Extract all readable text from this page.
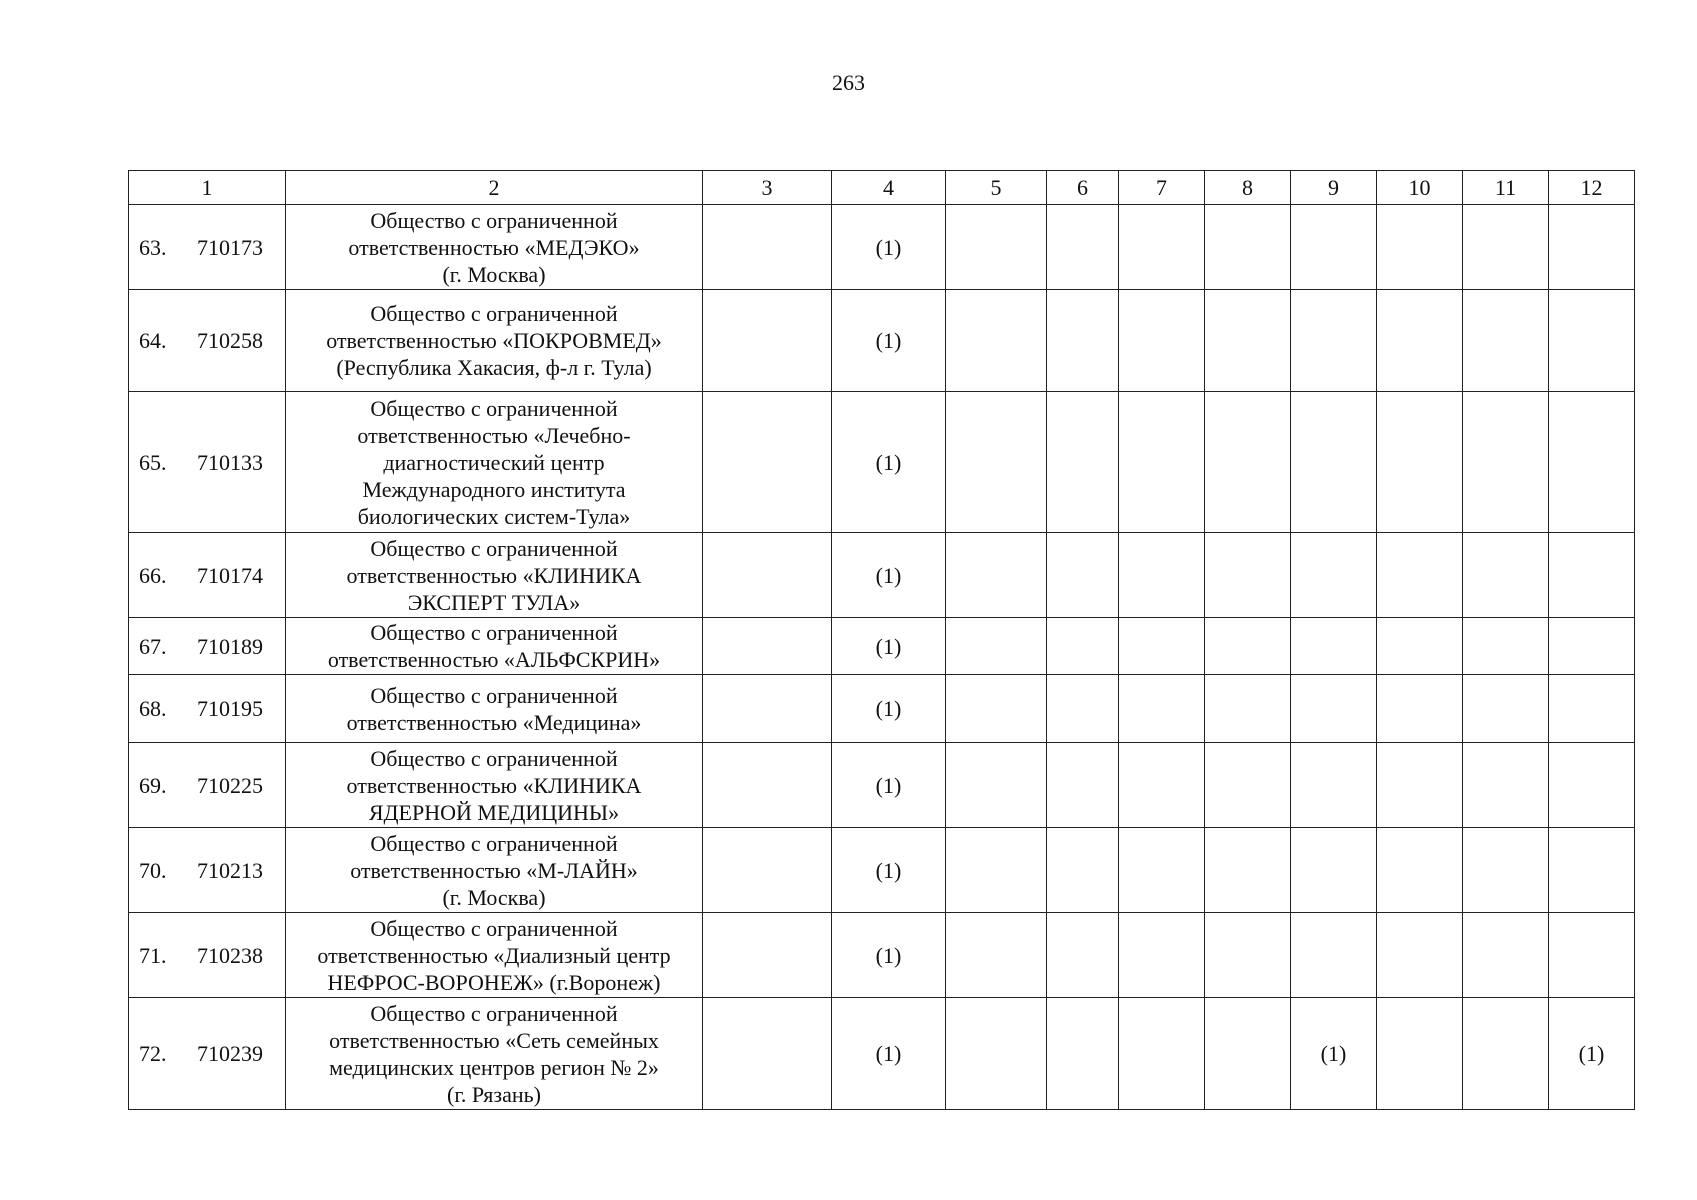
263
1	2	3	4	5	6	7	8	9	10	11	12
63. 710173	Общество с ограниченной
ответственностью «МЕДЭКО»
(г. Москва)		(1)								
64. 710258	Общество с ограниченной
ответственностью «ПОКРОВМЕД»
(Республика Хакасия, ф-л г. Тула)		(1)								
65. 710133	Общество с ограниченной
ответственностью «Лечебно-
диагностический центр
Международного института
биологических систем-Тула»		(1)								
66. 710174	Общество с ограниченной
ответственностью «КЛИНИКА
ЭКСПЕРТ ТУЛА»		(1)								
67. 710189	Общество с ограниченной
ответственностью «АЛЬФСКРИН»		(1)								
68. 710195	Общество с ограниченной
ответственностью «Медицина»		(1)								
69. 710225	Общество с ограниченной
ответственностью «КЛИНИКА
ЯДЕРНОЙ МЕДИЦИНЫ»		(1)								
70. 710213	Общество с ограниченной
ответственностью «М-ЛАЙН»
(г. Москва)		(1)								
71. 710238	Общество с ограниченной
ответственностью «Диализный центр
НЕФРОС-ВОРОНЕЖ» (г.Воронеж)		(1)								
72. 710239	Общество с ограниченной
ответственностью «Сеть семейных
медицинских центров регион № 2»
(г. Рязань)		(1)					(1)			(1)
